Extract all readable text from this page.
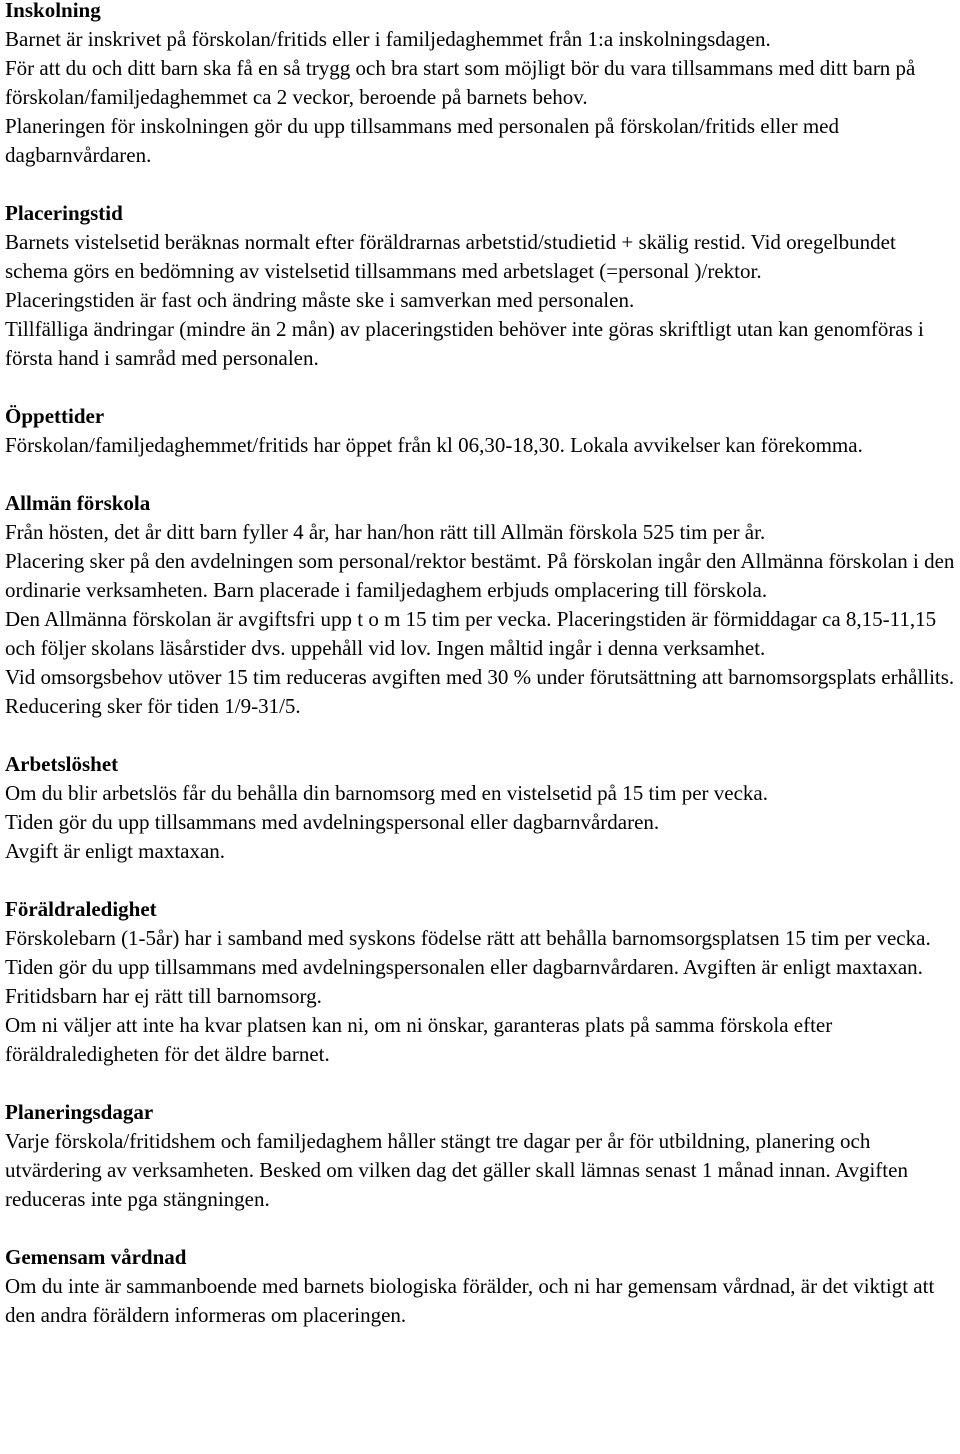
Inskolning

Barnet är inskrivet på förskolan/fritids eller i familjedaghemmet från 1:a inskolningsdagen.

För att du och ditt barn ska få en så trygg och bra start som möjligt bör du vara tillsammans med ditt barn på förskolan/familjedaghemmet ca 2 veckor, beroende på barnets behov.

Planeringen för inskolningen gör du upp tillsammans med personalen på förskolan/fritids eller med dagbarnvårdaren.

Placeringstid

Barnets vistelsetid beräknas normalt efter föräldrarnas arbetstid/studietid + skälig restid. Vid oregelbundet schema görs en bedömning av vistelsetid tillsammans med arbetslaget (=personal )/rektor.

Placeringstiden är fast och ändring måste ske i samverkan med personalen.

Tillfälliga ändringar (mindre än 2 mån) av placeringstiden behöver inte göras skriftligt utan kan genomföras i första hand i samråd med personalen.

Öppettider

Förskolan/familjedaghemmet/fritids har öppet från kl 06,30-18,30. Lokala avvikelser kan förekomma.

Allmän förskola

Från hösten, det år ditt barn fyller 4 år, har han/hon rätt till Allmän förskola 525 tim per år.

Placering sker på den avdelningen som personal/rektor bestämt. På förskolan ingår den Allmänna förskolan i den ordinarie verksamheten. Barn placerade i familjedaghem erbjuds omplacering till förskola.

Den Allmänna förskolan är avgiftsfri upp t o m 15 tim per vecka. Placeringstiden är förmiddagar ca 8,15-11,15 och följer skolans läsårstider dvs. uppehåll vid lov. Ingen måltid ingår i denna verksamhet.

Vid omsorgsbehov utöver 15 tim reduceras avgiften med 30 % under förutsättning att barnomsorgsplats erhållits. Reducering sker för tiden 1/9-31/5.

Arbetslöshet

Om du blir arbetslös får du behålla din barnomsorg med en vistelsetid på 15 tim per vecka.

Tiden gör du upp tillsammans med avdelningspersonal eller dagbarnvårdaren.

Avgift är enligt maxtaxan.

Föräldraledighet

Förskolebarn (1-5år) har i samband med syskons födelse rätt att behålla barnomsorgsplatsen 15 tim per vecka. Tiden gör du upp tillsammans med avdelningspersonalen eller dagbarnvårdaren. Avgiften är enligt maxtaxan. Fritidsbarn har ej rätt till barnomsorg.

Om ni väljer att inte ha kvar platsen kan ni, om ni önskar, garanteras plats på samma förskola efter föräldraledigheten för det äldre barnet.

Planeringsdagar

Varje förskola/fritidshem och familjedaghem håller stängt tre dagar per år för utbildning, planering och utvärdering av verksamheten. Besked om vilken dag det gäller skall lämnas senast 1 månad innan. Avgiften reduceras inte pga stängningen.

Gemensam vårdnad

Om du inte är sammanboende med barnets biologiska förälder, och ni har gemensam vårdnad, är det viktigt att den andra föräldern informeras om placeringen.
